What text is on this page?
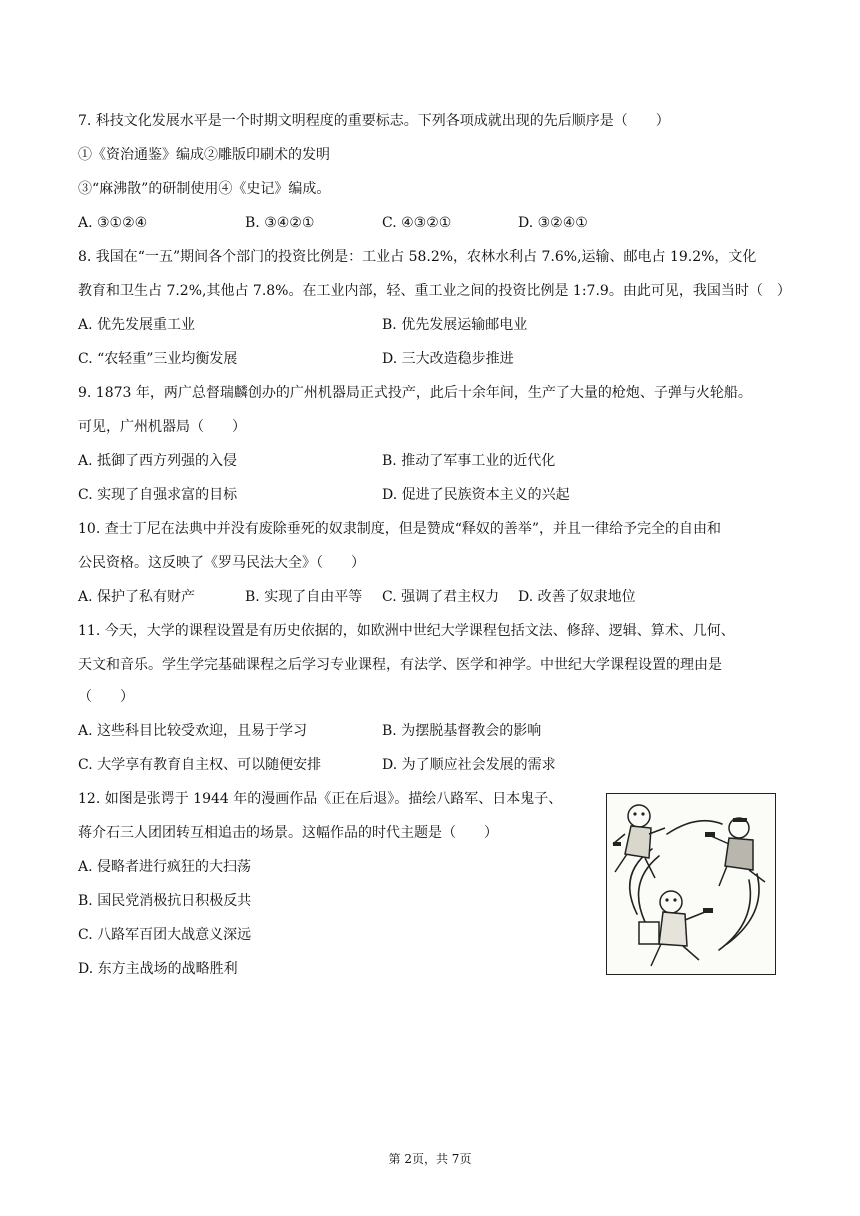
7. 科技文化发展水平是一个时期文明程度的重要标志。下列各项成就出现的先后顺序是（　　）
①《资治通鉴》编成②雕版印刷术的发明
③“麻沸散”的研制使用④《史记》编成。
A. ③①②④	B. ③④②①	C. ④③②①	D. ③②④①
8. 我国在“一五”期间各个部门的投资比例是：工业占 58.2%，农林水利占 7.6%,运输、邮电占 19.2%，文化
教育和卫生占 7.2%,其他占 7.8%。在工业内部，轻、重工业之间的投资比例是 1:7.9。由此可见，我国当时（　）
A. 优先发展重工业	B. 优先发展运输邮电业
C. “农轻重”三业均衡发展	D. 三大改造稳步推进
9. 1873 年，两广总督瑞麟创办的广州机器局正式投产，此后十余年间，生产了大量的枪炮、子弹与火轮船。
可见，广州机器局（　　）
A. 抵御了西方列强的入侵	B. 推动了军事工业的近代化
C. 实现了自强求富的目标	D. 促进了民族资本主义的兴起
10. 查士丁尼在法典中并没有废除垂死的奴隶制度，但是赞成“释奴的善举”，并且一律给予完全的自由和
公民资格。这反映了《罗马民法大全》（　　）
A. 保护了私有财产	B. 实现了自由平等 C. 强调了君主权力 D. 改善了奴隶地位
11. 今天，大学的课程设置是有历史依据的，如欧洲中世纪大学课程包括文法、修辞、逻辑、算术、几何、
天文和音乐。学生学完基础课程之后学习专业课程，有法学、医学和神学。中世纪大学课程设置的理由是
（　　）
A. 这些科目比较受欢迎，且易于学习	B. 为摆脱基督教会的影响
C. 大学享有教育自主权、可以随便安排	D. 为了顺应社会发展的需求
12. 如图是张谔于 1944 年的漫画作品《正在后退》。描绘八路军、日本鬼子、
蒋介石三人团团转互相追击的场景。这幅作品的时代主题是（　　）
A. 侵略者进行疯狂的大扫荡
B. 国民党消极抗日积极反共
C. 八路军百团大战意义深远
D. 东方主战场的战略胜利
第 2页，共 7页
